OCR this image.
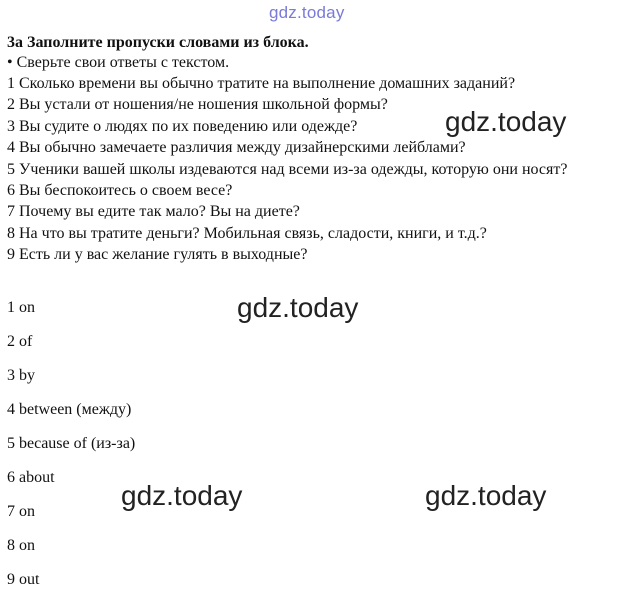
gdz.today
gdz.today
gdz.today
gdz.today	gdz.today
3a Заполните пропуски словами из блока.
• Сверьте свои ответы с текстом.
1 Сколько времени вы обычно тратите на выполнение домашних заданий?
2 Вы устали от ношения/не ношения школьной формы?
3 Вы судите о людях по их поведению или одежде?
4 Вы обычно замечаете различия между дизайнерскими лейблами?
5 Ученики вашей школы издеваются над всеми из-за одежды, которую они носят?
6 Вы беспокоитесь о своем весе?
7 Почему вы едите так мало? Вы на диете?
8 На что вы тратите деньги? Мобильная связь, сладости, книги, и т.д.?
9 Есть ли у вас желание гулять в выходные?
1 on
2 of
3 by
4 between (между)
5 because of (из-за)
6 about
7 on
8 on
9 out
